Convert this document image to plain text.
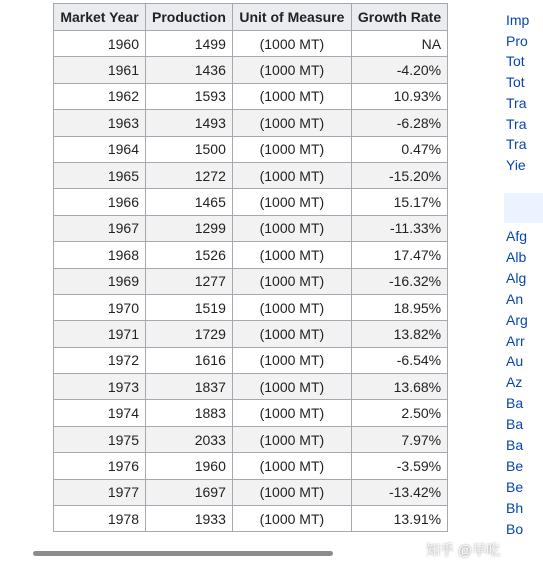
Market Year	Production	Unit of Measure	Growth Rate
1960	1499	(1000 MT)	NA
1961	1436	(1000 MT)	-4.20%
1962	1593	(1000 MT)	10.93%
1963	1493	(1000 MT)	-6.28%
1964	1500	(1000 MT)	0.47%
1965	1272	(1000 MT)	-15.20%
1966	1465	(1000 MT)	15.17%
1967	1299	(1000 MT)	-11.33%
1968	1526	(1000 MT)	17.47%
1969	1277	(1000 MT)	-16.32%
1970	1519	(1000 MT)	18.95%
1971	1729	(1000 MT)	13.82%
1972	1616	(1000 MT)	-6.54%
1973	1837	(1000 MT)	13.68%
1974	1883	(1000 MT)	2.50%
1975	2033	(1000 MT)	7.97%
1976	1960	(1000 MT)	-3.59%
1977	1697	(1000 MT)	-13.42%
1978	1933	(1000 MT)	13.91%
Imp
Pro
Tot
Tot
Tra
Tra
Tra
Yie
Afg
Alb
Alg
An
Arg
Arr
Au
Az
Ba
Ba
Ba
Be
Be
Bh
Bo
知乎 @早吃
